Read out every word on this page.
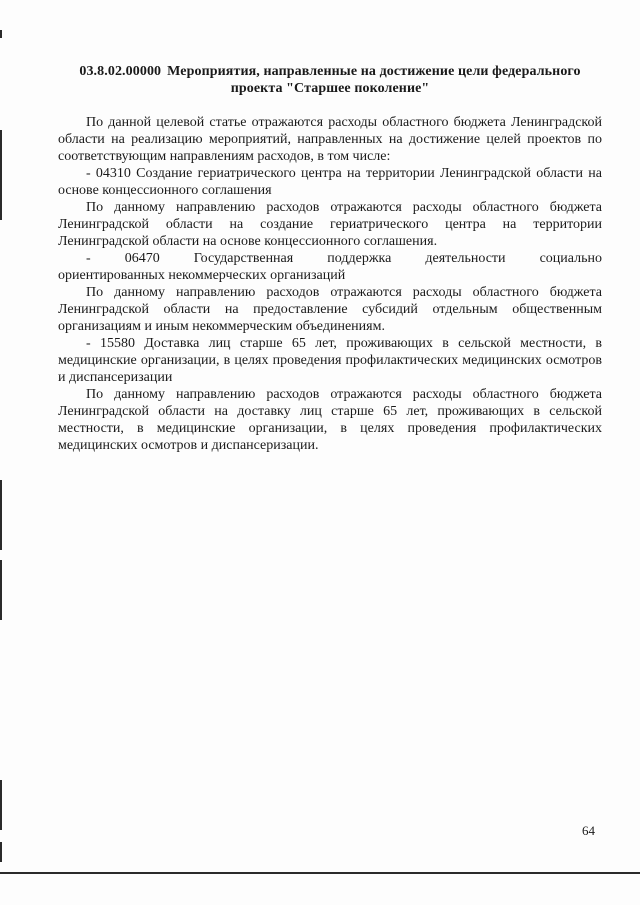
03.8.02.00000 Мероприятия, направленные на достижение цели федерального
проекта "Старшее поколение"

По данной целевой статье отражаются расходы областного бюджета Ленинградской области на реализацию мероприятий, направленных на достижение целей проектов по соответствующим направлениям расходов, в том числе:

- 04310 Создание гериатрического центра на территории Ленинградской области на основе концессионного соглашения

По данному направлению расходов отражаются расходы областного бюджета Ленинградской области на создание гериатрического центра на территории Ленинградской области на основе концессионного соглашения.

-	06470	Государственная	поддержка	деятельности	социально

ориентированных некоммерческих организаций

По данному направлению расходов отражаются расходы областного бюджета Ленинградской области на предоставление субсидий отдельным общественным организациям и иным некоммерческим объединениям.

- 15580 Доставка лиц старше 65 лет, проживающих в сельской местности, в медицинские организации, в целях проведения профилактических медицинских осмотров и диспансеризации

По данному направлению расходов отражаются расходы областного бюджета Ленинградской области на доставку лиц старше 65 лет, проживающих в сельской местности, в медицинские организации, в целях проведения профилактических медицинских осмотров и диспансеризации.

64
